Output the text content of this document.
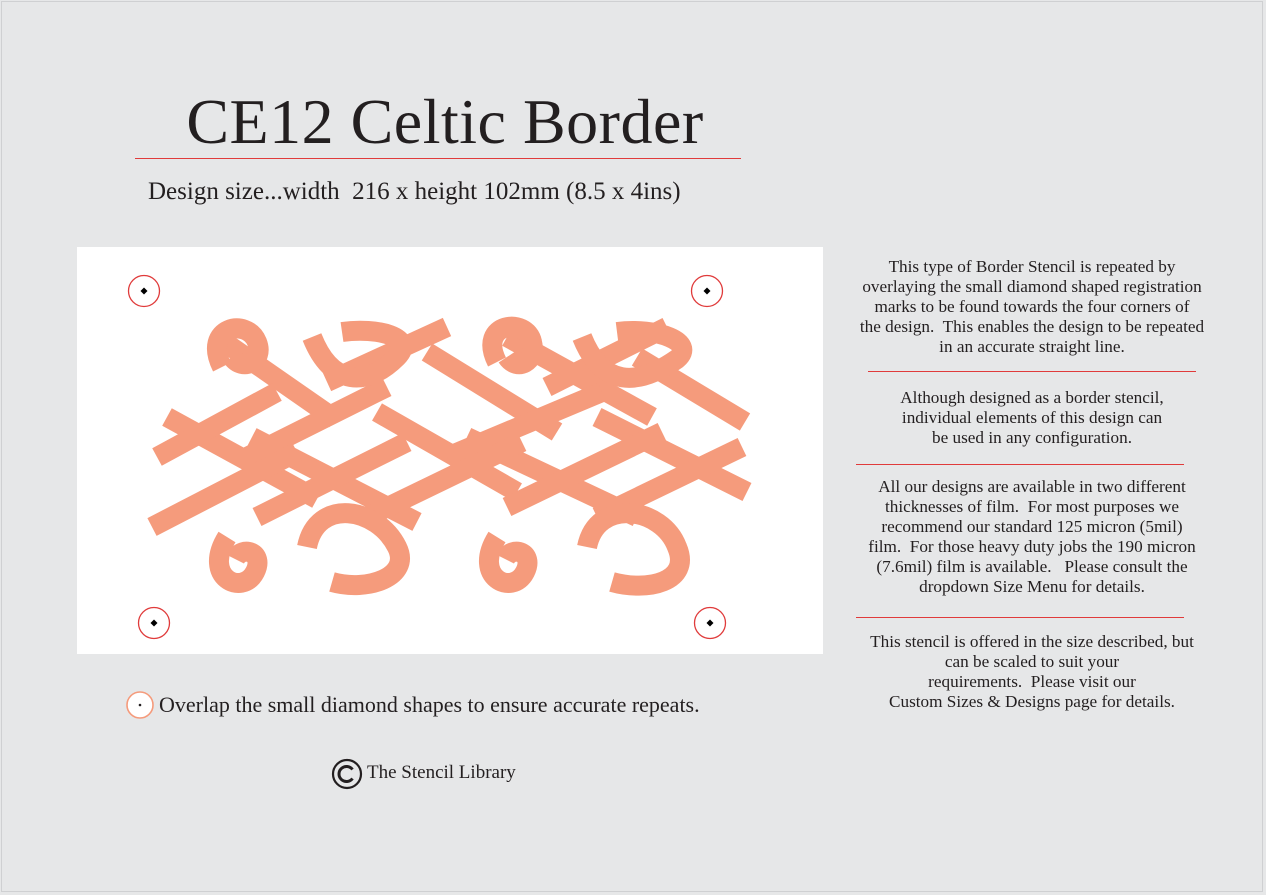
CE12 Celtic Border
Design size...width  216 x height 102mm (8.5 x 4ins)
This type of Border Stencil is repeated by
overlaying the small diamond shaped registration
marks to be found towards the four corners of
the design.  This enables the design to be repeated
in an accurate straight line.
Although designed as a border stencil,
individual elements of this design can
be used in any configuration.
All our designs are available in two different
thicknesses of film.  For most purposes we
recommend our standard 125 micron (5mil)
film.  For those heavy duty jobs the 190 micron
(7.6mil) film is available.   Please consult the
dropdown Size Menu for details.
This stencil is offered in the size described, but
can be scaled to suit your
requirements.  Please visit our
Custom Sizes & Designs page for details.
Overlap the small diamond shapes to ensure accurate repeats.
The Stencil Library
